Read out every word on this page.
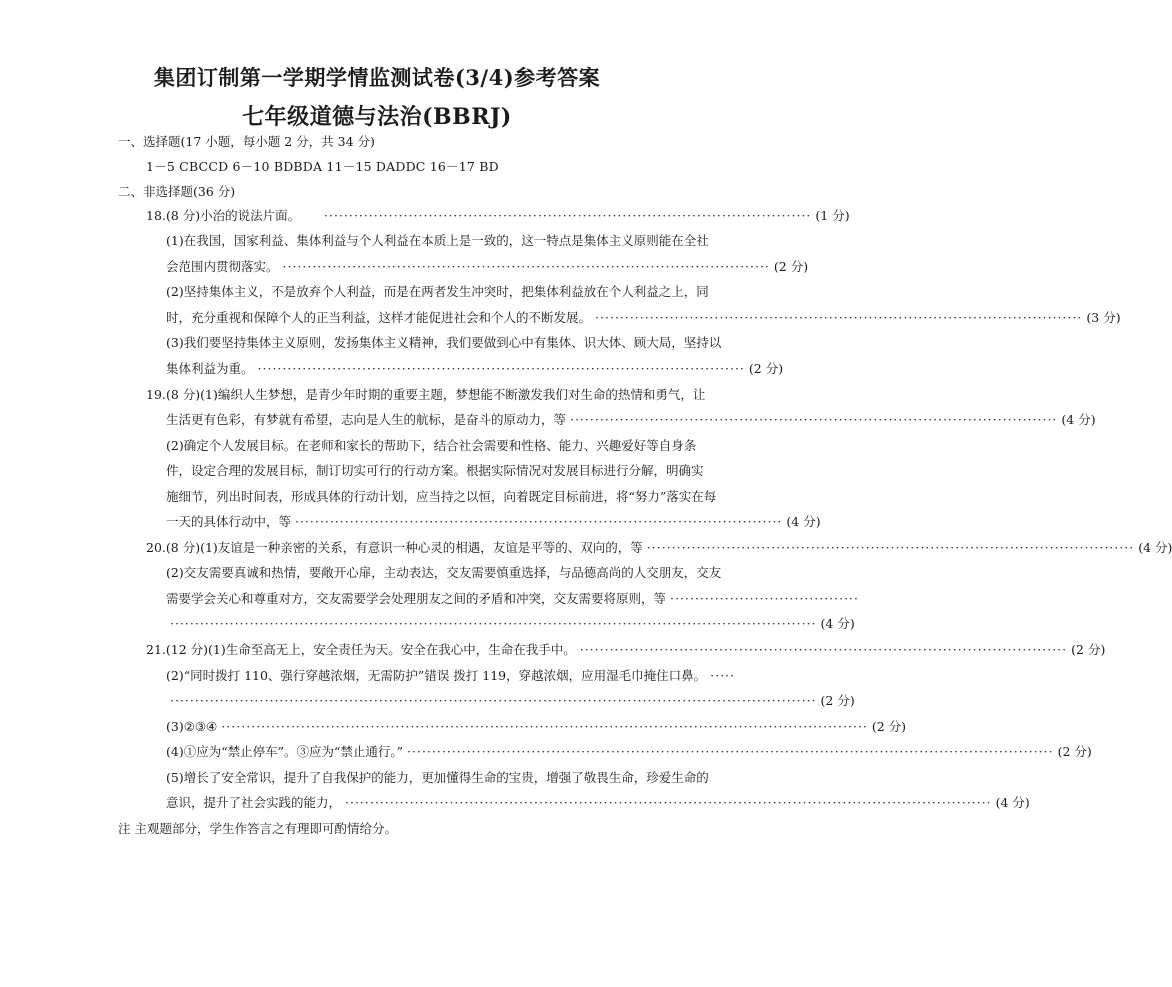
集团订制第一学期学情监测试卷(3/4)参考答案
七年级道德与法治(BBRJ)
一、选择题(17 小题，每小题 2 分，共 34 分)
1－5 CBCCD 6－10 BDBDA 11－15 DADDC 16－17 BD
二、非选择题(36 分)
18. (8 分)小治的说法片面。 ·································································································· (1 分)
(1)在我国，国家利益、集体利益与个人利益在本质上是一致的，这一特点是集体主义原则能在全社
会范围内贯彻落实。 ·································································································· (2 分)
(2)坚持集体主义，不是放弃个人利益，而是在两者发生冲突时，把集体利益放在个人利益之上，同
时，充分重视和保障个人的正当利益，这样才能促进社会和个人的不断发展。 ·································································································· (3 分)
(3)我们要坚持集体主义原则，发扬集体主义精神，我们要做到心中有集体、识大体、顾大局，坚持以
集体利益为重。 ·································································································· (2 分)
19.(8 分)(1)编织人生梦想，是青少年时期的重要主题，梦想能不断激发我们对生命的热情和勇气，让
生活更有色彩，有梦就有希望，志向是人生的航标，是奋斗的原动力，等 ·································································································· (4 分)
(2)确定个人发展目标。在老师和家长的帮助下，结合社会需要和性格、能力、兴趣爱好等自身条
件，设定合理的发展目标，制订切实可行的行动方案。根据实际情况对发展目标进行分解，明确实
施细节，列出时间表，形成具体的行动计划，应当持之以恒，向着既定目标前进，将“努力”落实在每
一天的具体行动中，等 ·································································································· (4 分)
20. (8 分)(1)友谊是一种亲密的关系，有意识一种心灵的相遇，友谊是平等的、双向的，等 ·································································································· (4 分)
(2)交友需要真诚和热情，要敞开心扉，主动表达，交友需要慎重选择，与品德高尚的人交朋友，交友
需要学会关心和尊重对方，交友需要学会处理朋友之间的矛盾和冲突，交友需要将原则，等 ······································
·································································································································· (4 分)
21. (12 分)(1)生命至高无上，安全责任为天。安全在我心中，生命在我手中。 ·································································································· (2 分)
(2)“同时拨打 110、强行穿越浓烟，无需防护”错误 拨打 119，穿越浓烟，应用湿毛巾掩住口鼻。 ·····
·································································································································· (2 分)
(3)②③④ ·································································································································· (2 分)
(4)①应为“禁止停车”。③应为“禁止通行。” ·································································································································· (2 分)
(5)增长了安全常识，提升了自我保护的能力，更加懂得生命的宝贵，增强了敬畏生命，珍爱生命的
意识，提升了社会实践的能力， ·································································································································· (4 分)
注 主观题部分，学生作答言之有理即可酌情给分。
